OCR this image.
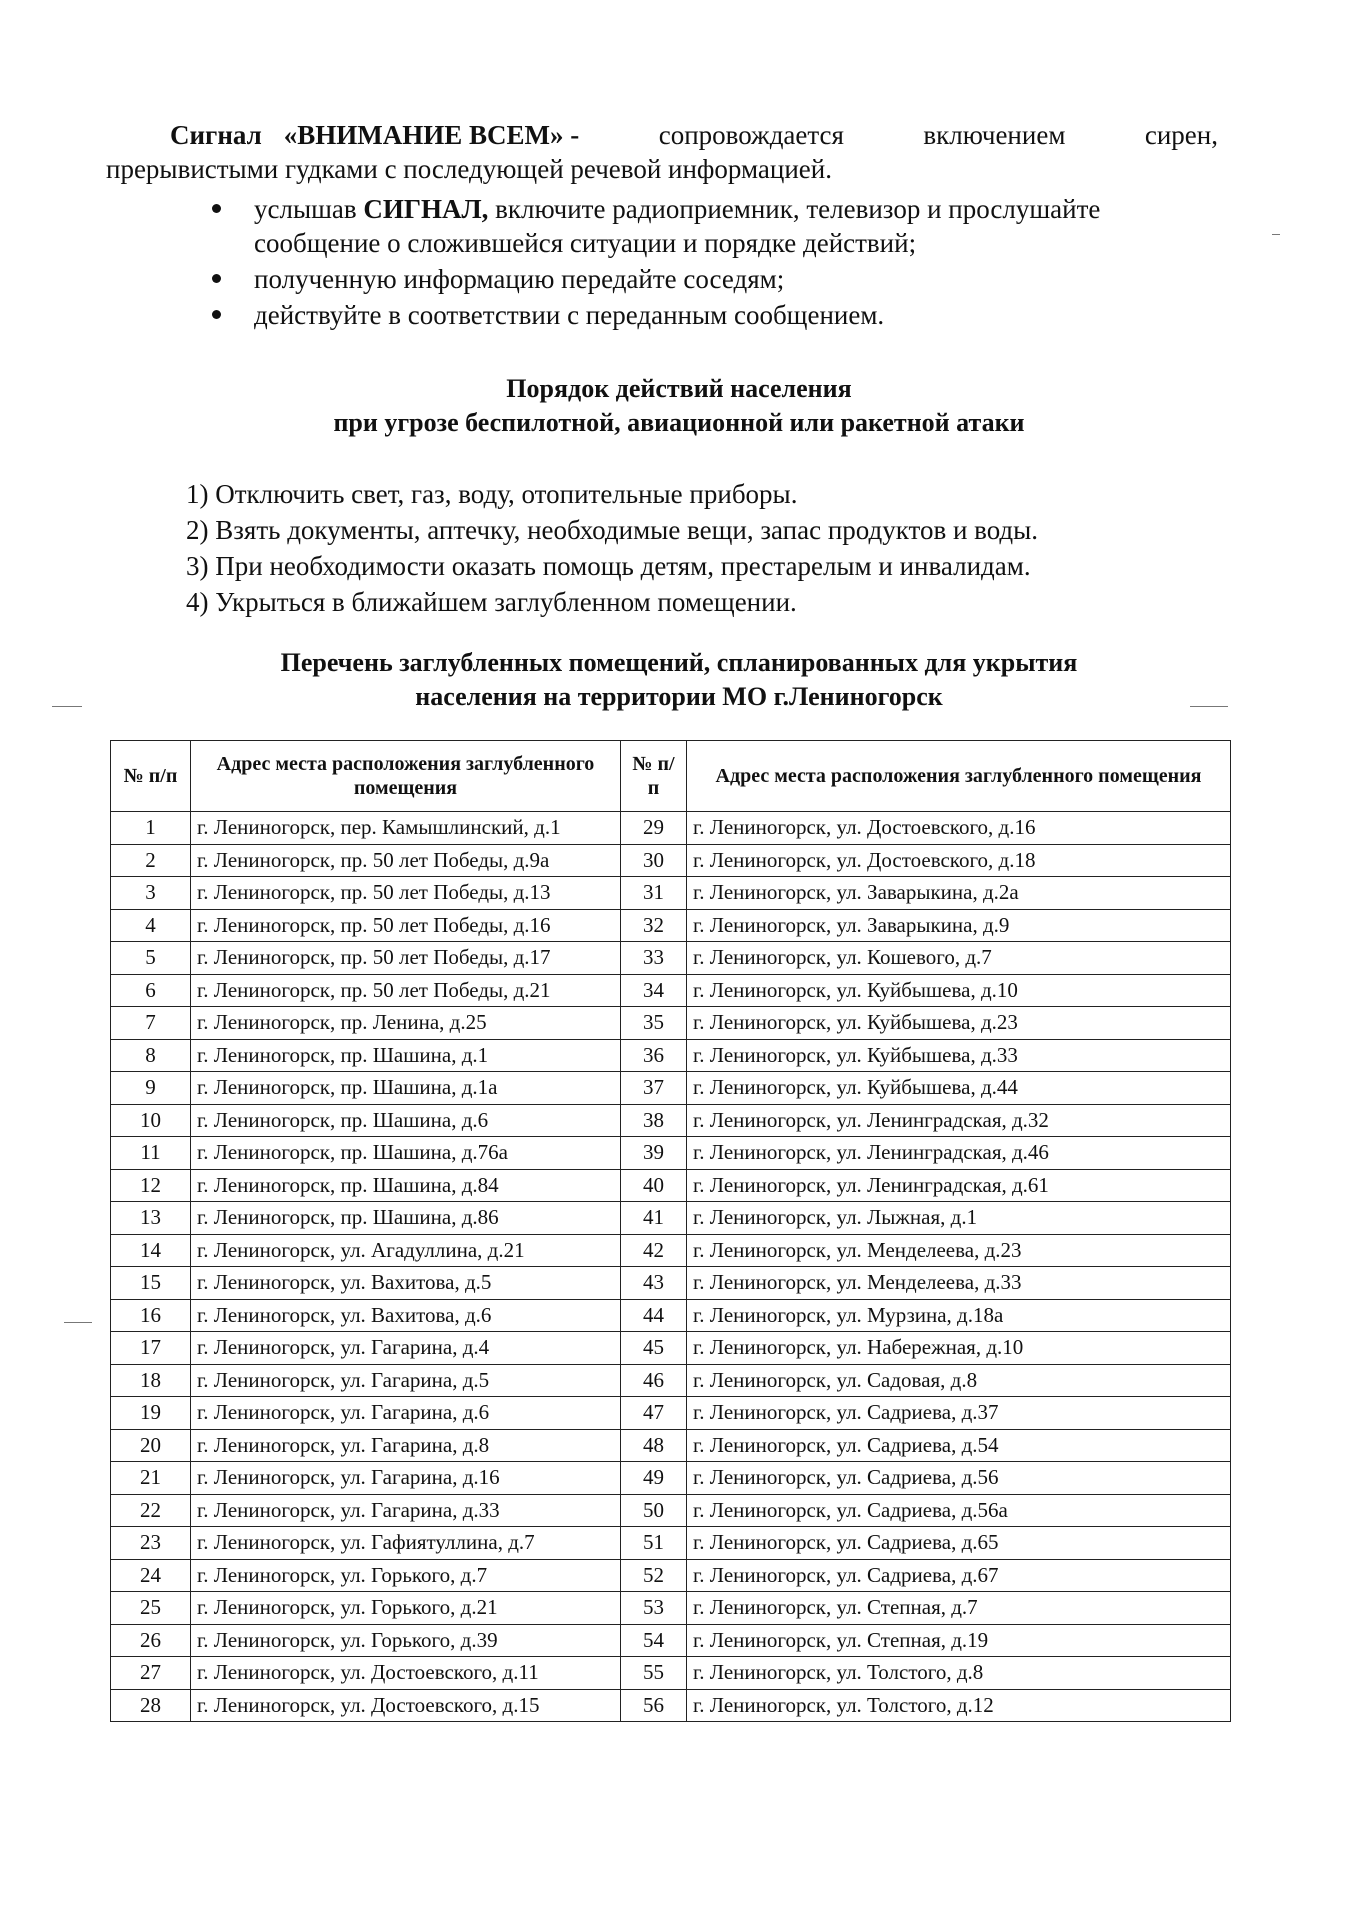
Сигнал «ВНИМАНИЕ ВСЕМ» -	сопровождается	включением	сирен,
прерывистыми гудками с последующей речевой информацией.
услышав СИГНАЛ, включите радиоприемник, телевизор и прослушайте сообщение о сложившейся ситуации и порядке действий;
полученную информацию передайте соседям;
действуйте в соответствии с переданным сообщением.
Порядок действий населения
при угрозе беспилотной, авиационной или ракетной атаки
1) Отключить свет, газ, воду, отопительные приборы.
2) Взять документы, аптечку, необходимые вещи, запас продуктов и воды.
3) При необходимости оказать помощь детям, престарелым и инвалидам.
4) Укрыться в ближайшем заглубленном помещении.
Перечень заглубленных помещений, спланированных для укрытия
населения на территории МО г.Лениногорск
№ п/п	Адрес места расположения заглубленного помещения	№ п/п	Адрес места расположения заглубленного помещения
1	г. Лениногорск, пер. Камышлинский, д.1	29	г. Лениногорск, ул. Достоевского, д.16
2	г. Лениногорск, пр. 50 лет Победы, д.9а	30	г. Лениногорск, ул. Достоевского, д.18
3	г. Лениногорск, пр. 50 лет Победы, д.13	31	г. Лениногорск, ул. Заварыкина, д.2а
4	г. Лениногорск, пр. 50 лет Победы, д.16	32	г. Лениногорск, ул. Заварыкина, д.9
5	г. Лениногорск, пр. 50 лет Победы, д.17	33	г. Лениногорск, ул. Кошевого, д.7
6	г. Лениногорск, пр. 50 лет Победы, д.21	34	г. Лениногорск, ул. Куйбышева, д.10
7	г. Лениногорск, пр. Ленина, д.25	35	г. Лениногорск, ул. Куйбышева, д.23
8	г. Лениногорск, пр. Шашина, д.1	36	г. Лениногорск, ул. Куйбышева, д.33
9	г. Лениногорск, пр. Шашина, д.1а	37	г. Лениногорск, ул. Куйбышева, д.44
10	г. Лениногорск, пр. Шашина, д.6	38	г. Лениногорск, ул. Ленинградская, д.32
11	г. Лениногорск, пр. Шашина, д.76а	39	г. Лениногорск, ул. Ленинградская, д.46
12	г. Лениногорск, пр. Шашина, д.84	40	г. Лениногорск, ул. Ленинградская, д.61
13	г. Лениногорск, пр. Шашина, д.86	41	г. Лениногорск, ул. Лыжная, д.1
14	г. Лениногорск, ул. Агадуллина, д.21	42	г. Лениногорск, ул. Менделеева, д.23
15	г. Лениногорск, ул. Вахитова, д.5	43	г. Лениногорск, ул. Менделеева, д.33
16	г. Лениногорск, ул. Вахитова, д.6	44	г. Лениногорск, ул. Мурзина, д.18а
17	г. Лениногорск, ул. Гагарина, д.4	45	г. Лениногорск, ул. Набережная, д.10
18	г. Лениногорск, ул. Гагарина, д.5	46	г. Лениногорск, ул. Садовая, д.8
19	г. Лениногорск, ул. Гагарина, д.6	47	г. Лениногорск, ул. Садриева, д.37
20	г. Лениногорск, ул. Гагарина, д.8	48	г. Лениногорск, ул. Садриева, д.54
21	г. Лениногорск, ул. Гагарина, д.16	49	г. Лениногорск, ул. Садриева, д.56
22	г. Лениногорск, ул. Гагарина, д.33	50	г. Лениногорск, ул. Садриева, д.56а
23	г. Лениногорск, ул. Гафиятуллина, д.7	51	г. Лениногорск, ул. Садриева, д.65
24	г. Лениногорск, ул. Горького, д.7	52	г. Лениногорск, ул. Садриева, д.67
25	г. Лениногорск, ул. Горького, д.21	53	г. Лениногорск, ул. Степная, д.7
26	г. Лениногорск, ул. Горького, д.39	54	г. Лениногорск, ул. Степная, д.19
27	г. Лениногорск, ул. Достоевского, д.11	55	г. Лениногорск, ул. Толстого, д.8
28	г. Лениногорск, ул. Достоевского, д.15	56	г. Лениногорск, ул. Толстого, д.12
